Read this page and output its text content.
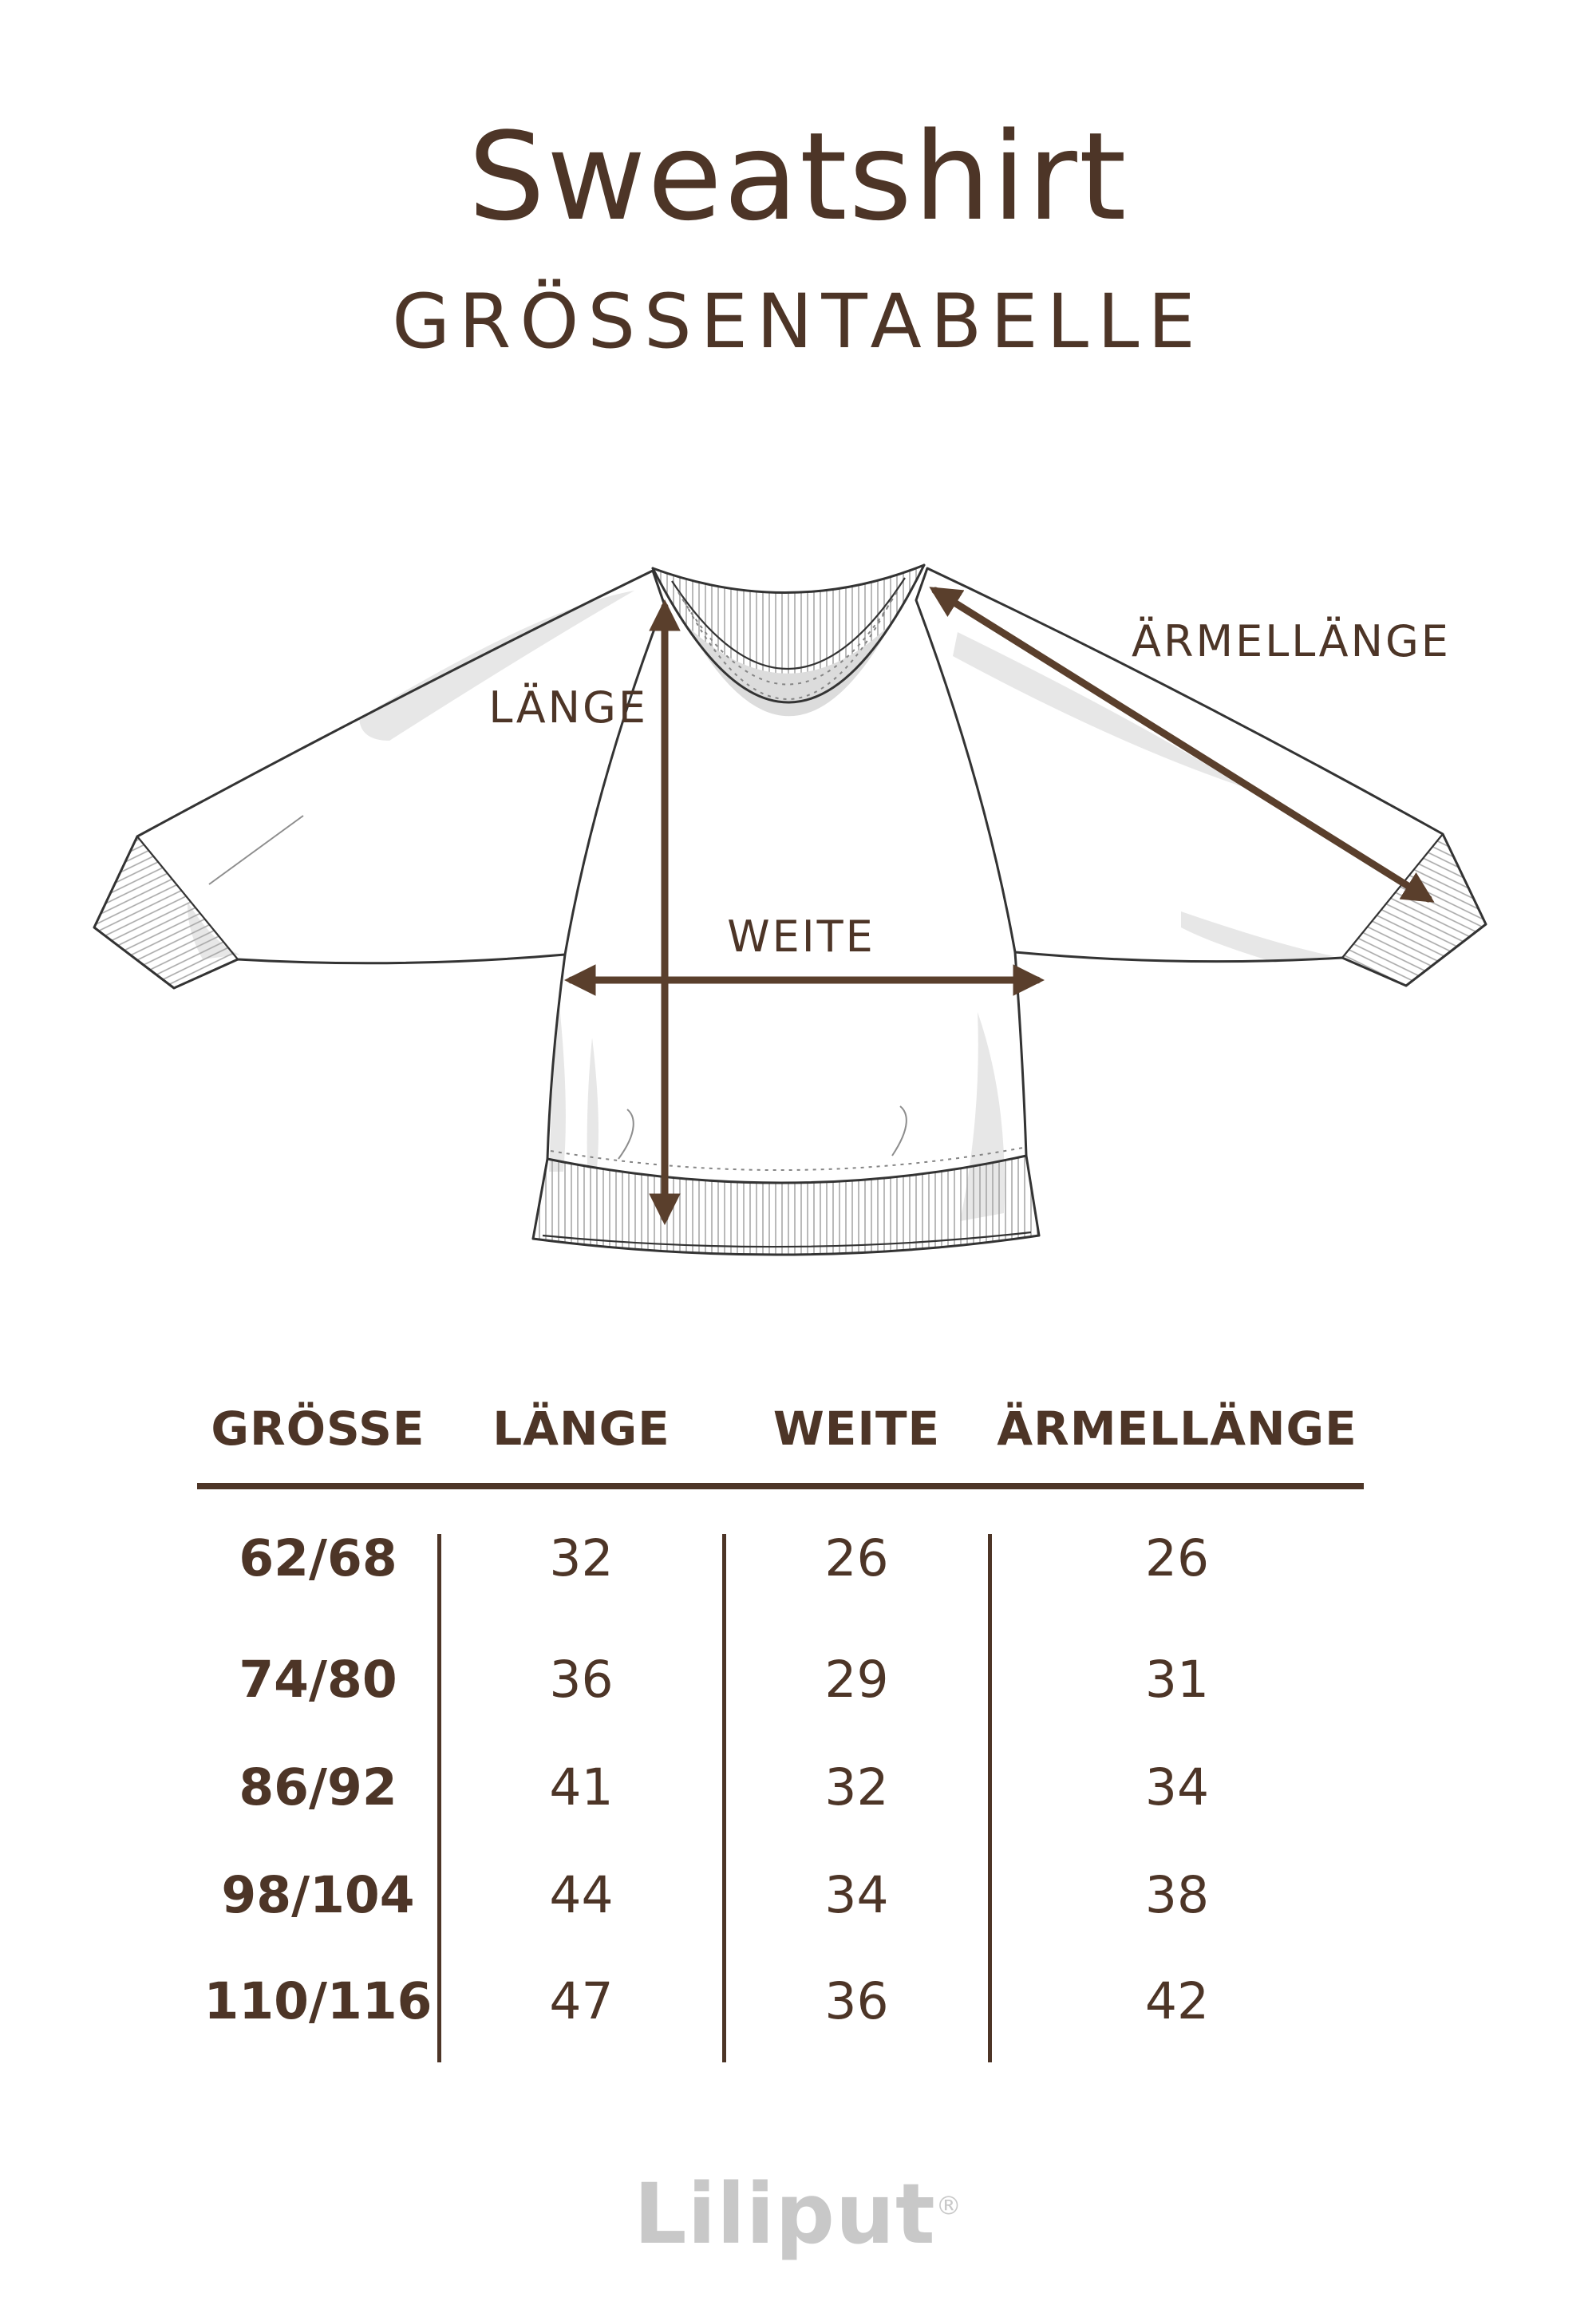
Sweatshirt
GRÖSSENTABELLE
LÄNGE
ÄRMELLÄNGE
WEITE
GRÖSSE	LÄNGE	WEITE	ÄRMELLÄNGE
62/68	32	26	26
74/80	36	29	31
86/92	41	32	34
98/104	44	34	38
110/116	47	36	42
Liliput®
